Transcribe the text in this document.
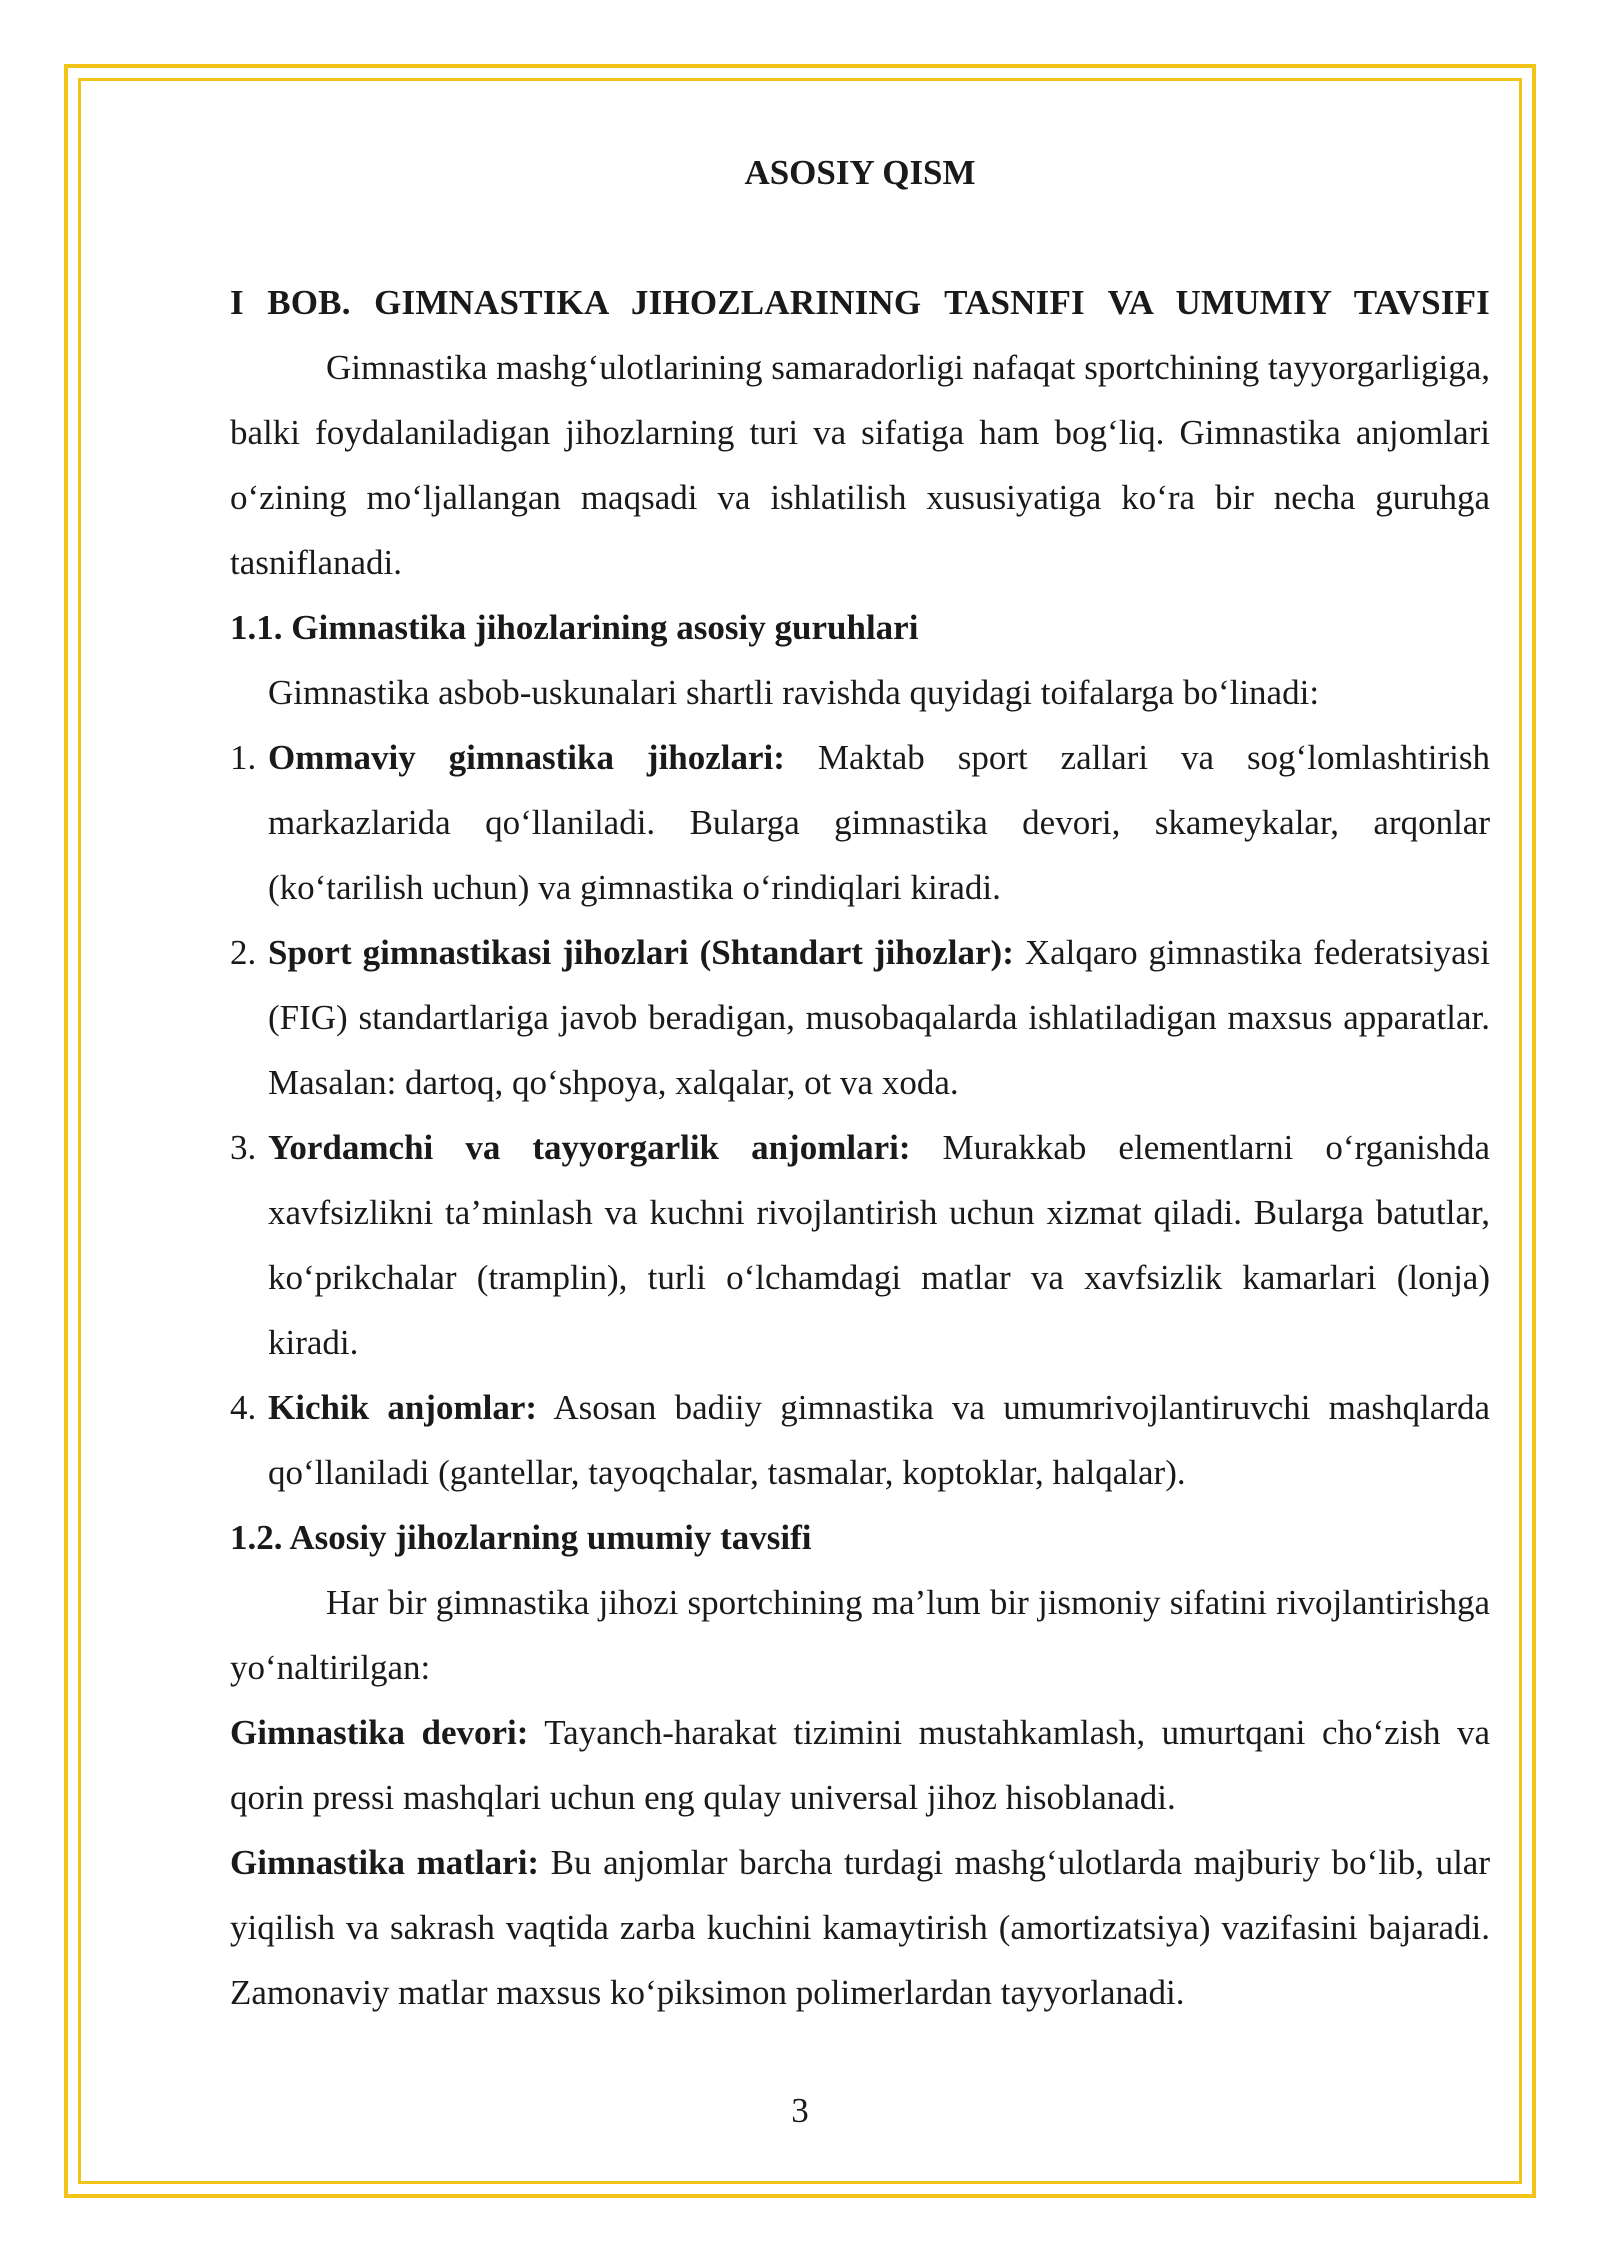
ASOSIY QISM

I BOB. GIMNASTIKA JIHOZLARINING TASNIFI VA UMUMIY TAVSIFI

Gimnastika mashg‘ulotlarining samaradorligi nafaqat sportchining tayyorgarligiga, balki foydalaniladigan jihozlarning turi va sifatiga ham bog‘liq. Gimnastika anjomlari o‘zining mo‘ljallangan maqsadi va ishlatilish xususiyatiga ko‘ra bir necha guruhga tasniflanadi.

1.1. Gimnastika jihozlarining asosiy guruhlari

Gimnastika asbob-uskunalari shartli ravishda quyidagi toifalarga bo‘linadi:

1. Ommaviy gimnastika jihozlari: Maktab sport zallari va sog‘lomlashtirish markazlarida qo‘llaniladi. Bularga gimnastika devori, skameykalar, arqonlar (ko‘tarilish uchun) va gimnastika o‘rindiqlari kiradi.
2. Sport gimnastikasi jihozlari (Shtandart jihozlar): Xalqaro gimnastika federatsiyasi (FIG) standartlariga javob beradigan, musobaqalarda ishlatiladigan maxsus apparatlar. Masalan: dartoq, qo‘shpoya, xalqalar, ot va xoda.
3. Yordamchi va tayyorgarlik anjomlari: Murakkab elementlarni o‘rganishda xavfsizlikni ta’minlash va kuchni rivojlantirish uchun xizmat qiladi. Bularga batutlar, ko‘prikchalar (tramplin), turli o‘lchamdagi matlar va xavfsizlik kamarlari (lonja) kiradi.
4. Kichik anjomlar: Asosan badiiy gimnastika va umumrivojlantiruvchi mashqlarda qo‘llaniladi (gantellar, tayoqchalar, tasmalar, koptoklar, halqalar).

1.2. Asosiy jihozlarning umumiy tavsifi

Har bir gimnastika jihozi sportchining ma’lum bir jismoniy sifatini rivojlantirishga yo‘naltirilgan:

Gimnastika devori: Tayanch-harakat tizimini mustahkamlash, umurtqani cho‘zish va qorin pressi mashqlari uchun eng qulay universal jihoz hisoblanadi.

Gimnastika matlari: Bu anjomlar barcha turdagi mashg‘ulotlarda majburiy bo‘lib, ular yiqilish va sakrash vaqtida zarba kuchini kamaytirish (amortizatsiya) vazifasini bajaradi. Zamonaviy matlar maxsus ko‘piksimon polimerlardan tayyorlanadi.

3
